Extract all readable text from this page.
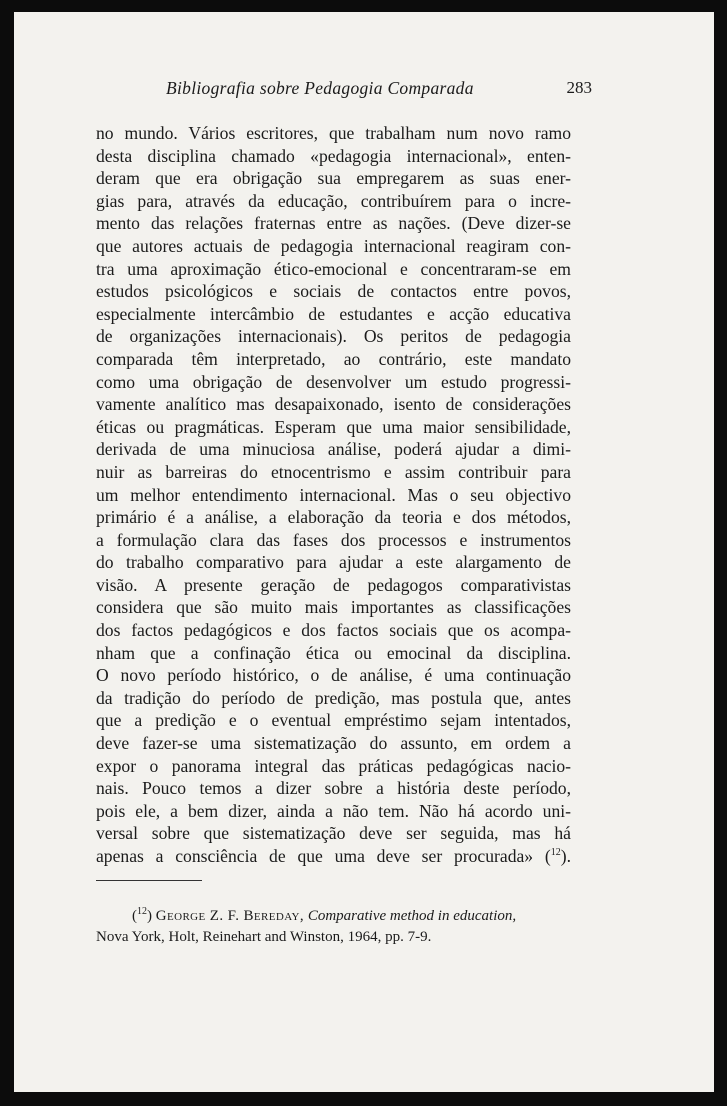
Bibliografia sobre Pedagogia Comparada	283
no mundo. Vários escritores, que trabalham num novo ramo
desta disciplina chamado «pedagogia internacional», enten-
deram que era obrigação sua empregarem as suas ener-
gias para, através da educação, contribuírem para o incre-
mento das relações fraternas entre as nações. (Deve dizer-se
que autores actuais de pedagogia internacional reagiram con-
tra uma aproximação ético-emocional e concentraram-se em
estudos psicológicos e sociais de contactos entre povos,
especialmente intercâmbio de estudantes e acção educativa
de organizações internacionais). Os peritos de pedagogia
comparada têm interpretado, ao contrário, este mandato
como uma obrigação de desenvolver um estudo progressi-
vamente analítico mas desapaixonado, isento de considerações
éticas ou pragmáticas. Esperam que uma maior sensibilidade,
derivada de uma minuciosa análise, poderá ajudar a dimi-
nuir as barreiras do etnocentrismo e assim contribuir para
um melhor entendimento internacional. Mas o seu objectivo
primário é a análise, a elaboração da teoria e dos métodos,
a formulação clara das fases dos processos e instrumentos
do trabalho comparativo para ajudar a este alargamento de
visão. A presente geração de pedagogos comparativistas
considera que são muito mais importantes as classificações
dos factos pedagógicos e dos factos sociais que os acompa-
nham que a confinação ética ou emocinal da disciplina.
O novo período histórico, o de análise, é uma continuação
da tradição do período de predição, mas postula que, antes
que a predição e o eventual empréstimo sejam intentados,
deve fazer-se uma sistematização do assunto, em ordem a
expor o panorama integral das práticas pedagógicas nacio-
nais. Pouco temos a dizer sobre a história deste período,
pois ele, a bem dizer, ainda a não tem. Não há acordo uni-
versal sobre que sistematização deve ser seguida, mas há
apenas a consciência de que uma deve ser procurada» ($^{12}$).
($^{12}$) George Z. F. Bereday, Comparative method in education,
Nova York, Holt, Reinehart and Winston, 1964, pp. 7-9.
